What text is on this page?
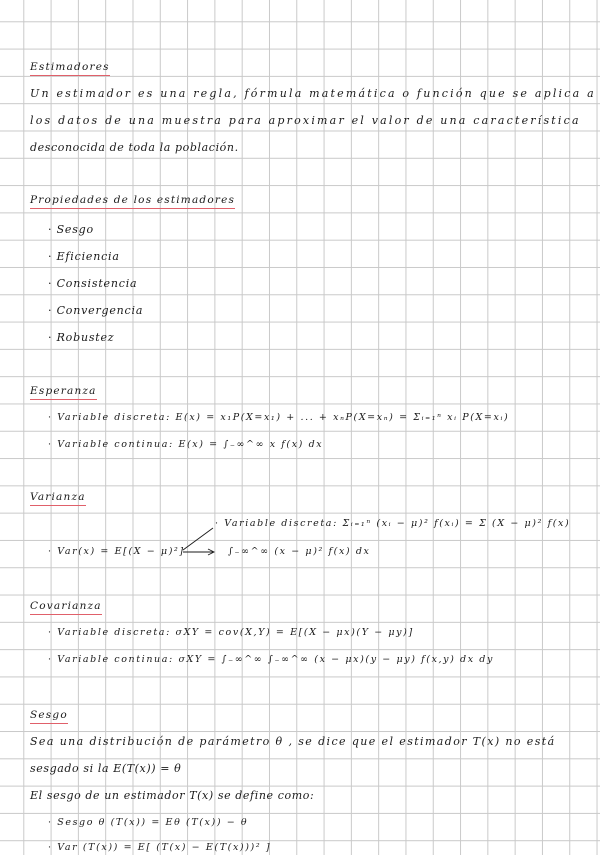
Estimadores
Un estimador es una regla, fórmula matemática o función que se aplica a
los datos de una muestra para aproximar el valor de una característica
desconocida de toda la población.
Propiedades de los estimadores
· Sesgo
· Eficiencia
· Consistencia
· Convergencia
· Robustez
Esperanza
· Variable discreta: E(x) = x₁P(X=x₁) + ... + xₙP(X=xₙ) = Σᵢ₌₁ⁿ xᵢ P(X=xᵢ)
· Variable continua: E(x) = ∫₋∞^∞ x f(x) dx
Varianza
· Variable discreta: Σᵢ₌₁ⁿ (xᵢ − μ)² f(xᵢ) = Σ (X − μ)² f(x)
· Var(x) = E[(X − μ)²]	∫₋∞^∞ (x − μ)² f(x) dx
Covarianza
· Variable discreta: σXY = cov(X,Y) = E[(X − μx)(Y − μy)]
· Variable continua: σXY = ∫₋∞^∞ ∫₋∞^∞ (x − μx)(y − μy) f(x,y) dx dy
Sesgo
Sea una distribución de parámetro θ , se dice que el estimador T(x) no está
sesgado si la E(T(x)) = θ
El sesgo de un estimador T(x) se define como:
· Sesgo θ (T(x)) = Eθ (T(x)) − θ
· Var (T(x)) = E[ (T(x) − E(T(x)))² ]
